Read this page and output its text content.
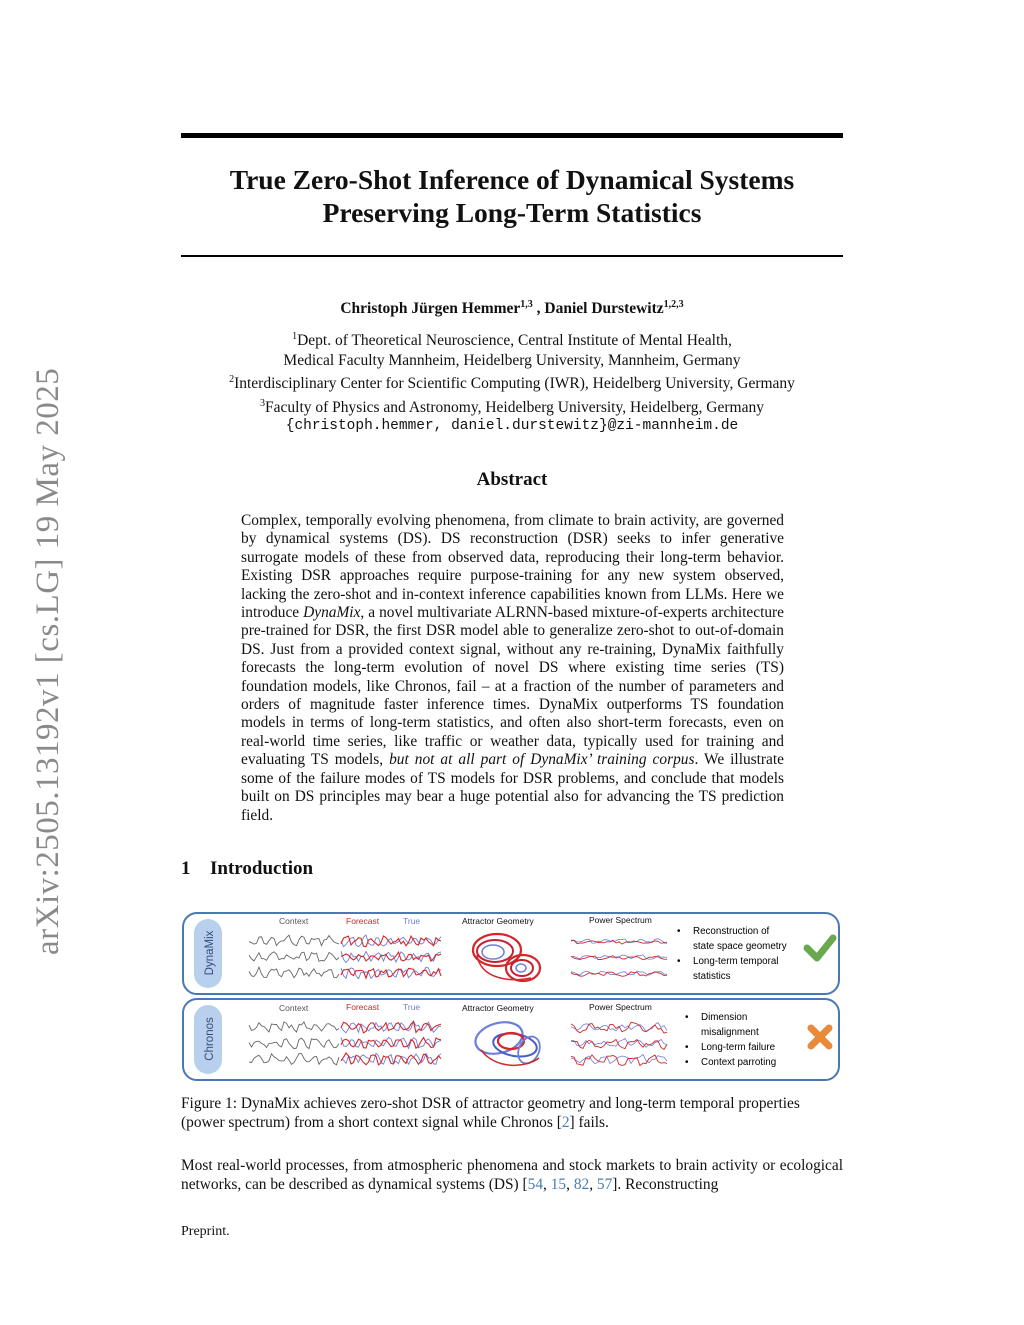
arXiv:2505.13192v1 [cs.LG] 19 May 2025
True Zero-Shot Inference of Dynamical Systems
Preserving Long-Term Statistics
Christoph Jürgen Hemmer$^{1,3}$ , Daniel Durstewitz$^{1,2,3}$
$^1$Dept. of Theoretical Neuroscience, Central Institute of Mental Health,
Medical Faculty Mannheim, Heidelberg University, Mannheim, Germany
$^2$Interdisciplinary Center for Scientific Computing (IWR), Heidelberg University, Germany
$^3$Faculty of Physics and Astronomy, Heidelberg University, Heidelberg, Germany
{christoph.hemmer, daniel.durstewitz}@zi-mannheim.de
Abstract
Complex, temporally evolving phenomena, from climate to brain activity, are governed by dynamical systems (DS). DS reconstruction (DSR) seeks to infer generative surrogate models of these from observed data, reproducing their long-term behavior. Existing DSR approaches require purpose-training for any new system observed, lacking the zero-shot and in-context inference capabilities known from LLMs. Here we introduce DynaMix, a novel multivariate ALRNN-based mixture-of-experts architecture pre-trained for DSR, the first DSR model able to generalize zero-shot to out-of-domain DS. Just from a provided context signal, without any re-training, DynaMix faithfully forecasts the long-term evolution of novel DS where existing time series (TS) foundation models, like Chronos, fail – at a fraction of the number of parameters and orders of magnitude faster inference times. DynaMix outperforms TS foundation models in terms of long-term statistics, and often also short-term forecasts, even on real-world time series, like traffic or weather data, typically used for training and evaluating TS models, but not at all part of DynaMix’ training corpus. We illustrate some of the failure modes of TS models for DSR problems, and conclude that models built on DS principles may bear a huge potential also for advancing the TS prediction field.
1 Introduction
DynaMix
Chronos
Context	Forecast	True	Attractor Geometry	Power Spectrum
Context	Forecast	True	Attractor Geometry	Power Spectrum
• Reconstruction of
state space geometry
• Long-term temporal
statistics
• Dimension
misalignment
• Long-term failure
• Context parroting
Figure 1: DynaMix achieves zero-shot DSR of attractor geometry and long-term temporal properties (power spectrum) from a short context signal while Chronos [2] fails.
Most real-world processes, from atmospheric phenomena and stock markets to brain activity or ecological networks, can be described as dynamical systems (DS) [54, 15, 82, 57]. Reconstructing
Preprint.
